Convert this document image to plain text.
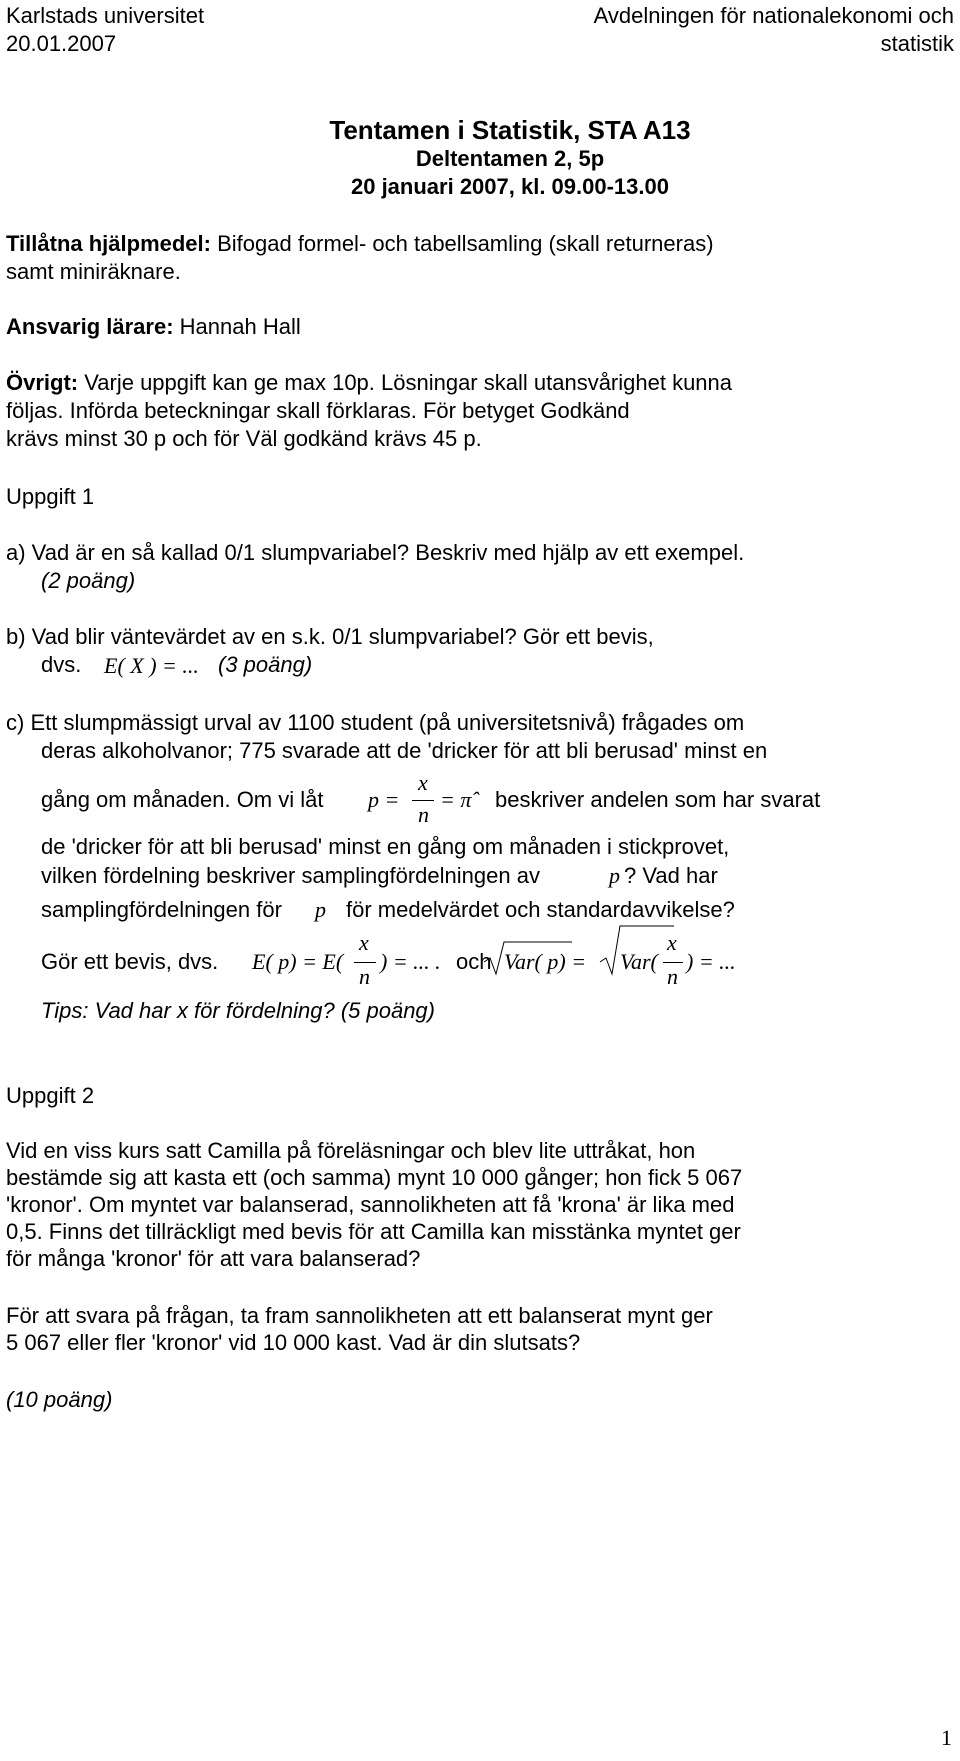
Karlstads universitet
20.01.2007
Avdelningen för nationalekonomi och
statistik
Tentamen i Statistik, STA A13
Deltentamen 2, 5p
20 januari 2007, kl. 09.00-13.00
Tillåtna hjälpmedel: Bifogad formel- och tabellsamling (skall returneras)
samt miniräknare.
Ansvarig lärare: Hannah Hall
Övrigt: Varje uppgift kan ge max 10p. Lösningar skall utansvårighet kunna
följas. Införda beteckningar skall förklaras. För betyget Godkänd
krävs minst 30 p och för Väl godkänd krävs 45 p.
Uppgift 1
a) Vad är en så kallad 0/1 slumpvariabel? Beskriv med hjälp av ett exempel.
(2 poäng)
b) Vad blir väntevärdet av en s.k. 0/1 slumpvariabel? Gör ett bevis,
dvs. E( X ) = ... (3 poäng)
c) Ett slumpmässigt urval av 1100 student (på universitetsnivå) frågades om
deras alkoholvanor; 775 svarade att de 'dricker för att bli berusad' minst en
gång om månaden. Om vi låt p =
x
n
= π̂ beskriver andelen som har svarat
de 'dricker för att bli berusad' minst en gång om månaden i stickprovet,
vilken fördelning beskriver samplingfördelningen av	p ? Vad har
samplingfördelningen för p för medelvärdet och standardavvikelse?
Gör ett bevis, dvs. E( p) = E(
x
n
) = ... . och Var( p) = Var(
x
n
) = ...
Tips: Vad har x för fördelning? (5 poäng)
Uppgift 2
Vid en viss kurs satt Camilla på föreläsningar och blev lite uttråkat, hon
bestämde sig att kasta ett (och samma) mynt 10 000 gånger; hon fick 5 067
'kronor'. Om myntet var balanserad, sannolikheten att få 'krona' är lika med
0,5. Finns det tillräckligt med bevis för att Camilla kan misstänka myntet ger
för många 'kronor' för att vara balanserad?
För att svara på frågan, ta fram sannolikheten att ett balanserat mynt ger
5 067 eller fler 'kronor' vid 10 000 kast. Vad är din slutsats?
(10 poäng)
1
